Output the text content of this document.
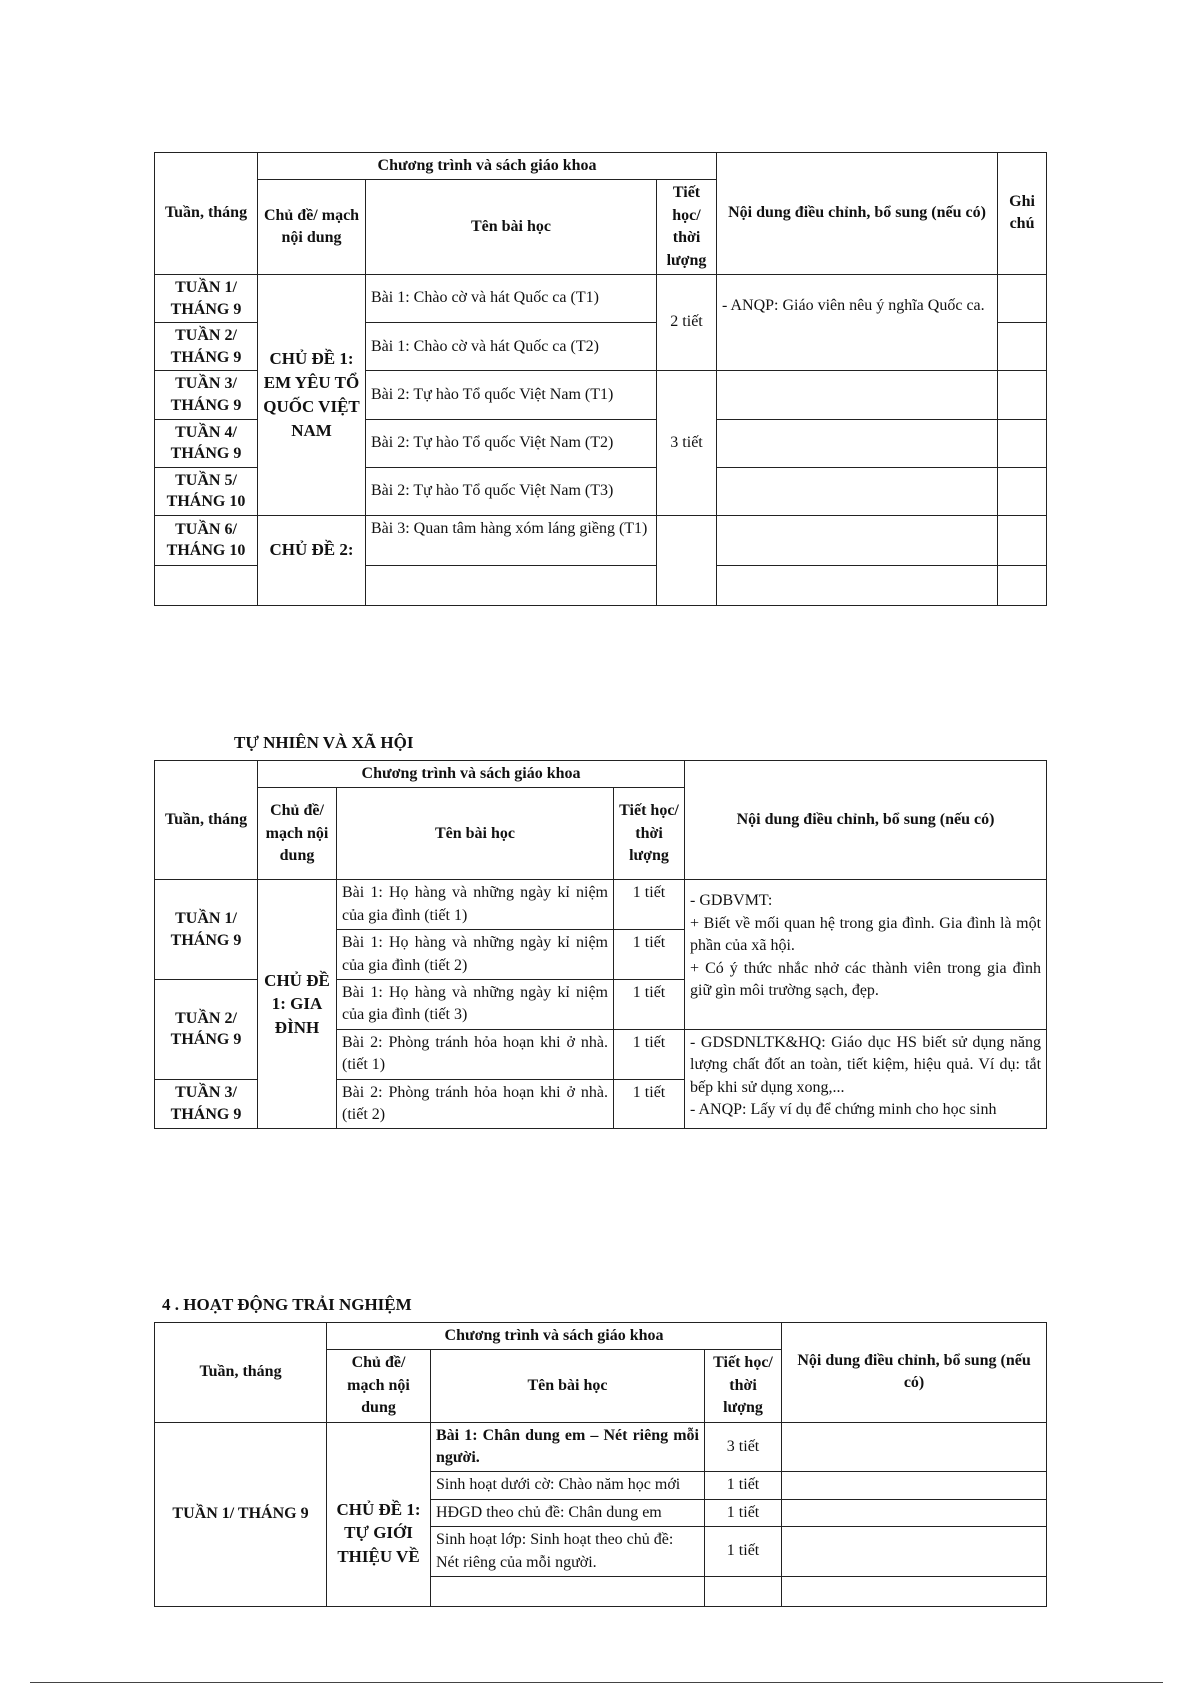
Tuần, tháng	Chương trình và sách giáo khoa			Nội dung điều chỉnh, bổ sung (nếu có)	Ghi chú
	Chủ đề/ mạch nội dung	Tên bài học	Tiết học/ thời lượng		
TUẦN 1/ THÁNG 9	CHỦ ĐỀ 1: EM YÊU TỔ QUỐC VIỆT NAM	Bài 1: Chào cờ và hát Quốc ca (T1)	2 tiết	- ANQP: Giáo viên nêu ý nghĩa Quốc ca.	
TUẦN 2/ THÁNG 9		Bài 1: Chào cờ và hát Quốc ca (T2)			
TUẦN 3/ THÁNG 9		Bài 2: Tự hào Tổ quốc Việt Nam (T1)	3 tiết		
TUẦN 4/ THÁNG 9		Bài 2: Tự hào Tổ quốc Việt Nam (T2)			
TUẦN 5/ THÁNG 10		Bài 2: Tự hào Tổ quốc Việt Nam (T3)			
TUẦN 6/ THÁNG 10	CHỦ ĐỀ 2:	Bài 3: Quan tâm hàng xóm láng giềng (T1)			

TỰ NHIÊN VÀ XÃ HỘI
Tuần, tháng	Chương trình và sách giáo khoa			Nội dung điều chỉnh, bổ sung (nếu có)
	Chủ đề/ mạch nội dung	Tên bài học	Tiết học/ thời lượng	
TUẦN 1/ THÁNG 9	CHỦ ĐỀ 1: GIA ĐÌNH	Bài 1: Họ hàng và những ngày kỉ niệm của gia đình (tiết 1)	1 tiết	- GDBVMT:

+ Biết về mối quan hệ trong gia đình. Gia đình là một phần của xã hội.

+ Có ý thức nhắc nhở các thành viên trong gia đình giữ gìn môi trường sạch, đẹp.

		Bài 1: Họ hàng và những ngày kỉ niệm của gia đình (tiết 2)	1 tiết	
TUẦN 2/ THÁNG 9		Bài 1: Họ hàng và những ngày kỉ niệm của gia đình (tiết 3)	1 tiết	
		Bài 2: Phòng tránh hỏa hoạn khi ở nhà. (tiết 1)	1 tiết	- GDSDNLTK&HQ: Giáo dục HS biết sử dụng năng lượng chất đốt an toàn, tiết kiệm, hiệu quả. Ví dụ: tắt bếp khi sử dụng xong,...

- ANQP: Lấy ví dụ để chứng minh cho học sinh

TUẦN 3/ THÁNG 9		Bài 2: Phòng tránh hỏa hoạn khi ở nhà. (tiết 2)	1 tiết	
4 . HOẠT ĐỘNG TRẢI NGHIỆM
Tuần, tháng	Chương trình và sách giáo khoa			Nội dung điều chỉnh, bổ sung (nếu có)
	Chủ đề/ mạch nội dung	Tên bài học	Tiết học/ thời lượng	
TUẦN 1/ THÁNG 9	CHỦ ĐỀ 1: TỰ GIỚI THIỆU VỀ	Bài 1: Chân dung em – Nét riêng mỗi người.	3 tiết	
		Sinh hoạt dưới cờ: Chào năm học mới	1 tiết	
		HĐGD theo chủ đề: Chân dung em	1 tiết	
		Sinh hoạt lớp: Sinh hoạt theo chủ đề: Nét riêng của mỗi người.	1 tiết	
